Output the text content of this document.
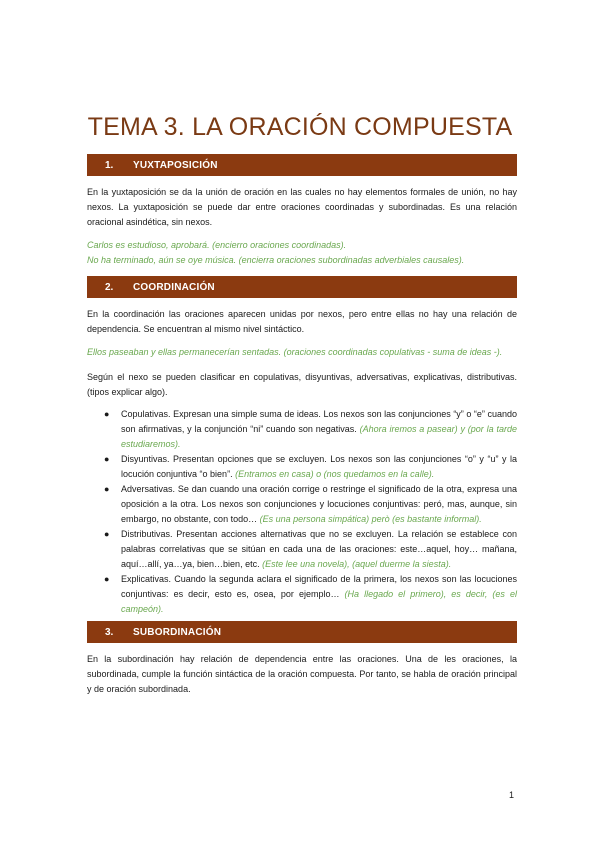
TEMA 3. LA ORACIÓN COMPUESTA
1.	YUXTAPOSICIÓN

En la yuxtaposición se da la unión de oración en las cuales no hay elementos formales de unión, no hay nexos. La yuxtaposición se puede dar entre oraciones coordinadas y subordinadas. Es una relación oracional asindética, sin nexos.

Carlos es estudioso, aprobará. (encierro oraciones coordinadas).

No ha terminado, aún se oye música. (encierra oraciones subordinadas adverbiales causales).

2.	COORDINACIÓN

En la coordinación las oraciones aparecen unidas por nexos, pero entre ellas no hay una relación de dependencia. Se encuentran al mismo nivel sintáctico.

Ellos paseaban y ellas permanecerían sentadas. (oraciones coordinadas copulativas - suma de ideas -).

Según el nexo se pueden clasificar en copulativas, disyuntivas, adversativas, explicativas, distributivas. (tipos explicar algo).

● Copulativas. Expresan una simple suma de ideas. Los nexos son las conjunciones “y” o “e” cuando son afirmativas, y la conjunción “ni” cuando son negativas. (Ahora iremos a pasear) y (por la tarde estudiaremos).
● Disyuntivas. Presentan opciones que se excluyen. Los nexos son las conjunciones “o” y “u” y la locución conjuntiva “o bien”. (Entramos en casa) o (nos quedamos en la calle).
● Adversativas. Se dan cuando una oración corrige o restringe el significado de la otra, expresa una oposición a la otra. Los nexos son conjunciones y locuciones conjuntivas: peró, mas, aunque, sin embargo, no obstante, con todo… (Es una persona simpática) però (es bastante informal).
● Distributivas. Presentan acciones alternativas que no se excluyen. La relación se establece con palabras correlativas que se sitúan en cada una de las oraciones: este…aquel, hoy… mañana, aquí…allí, ya…ya, bien…bien, etc. (Este lee una novela), (aquel duerme la siesta).
● Explicativas. Cuando la segunda aclara el significado de la primera, los nexos son las locuciones conjuntivas: es decir, esto es, osea, por ejemplo… (Ha llegado el primero), es decir, (es el campeón).
3.	SUBORDINACIÓN

En la subordinación hay relación de dependencia entre las oraciones. Una de les oraciones, la subordinada, cumple la función sintáctica de la oración compuesta. Por tanto, se habla de oración principal y de oración subordinada.

1
